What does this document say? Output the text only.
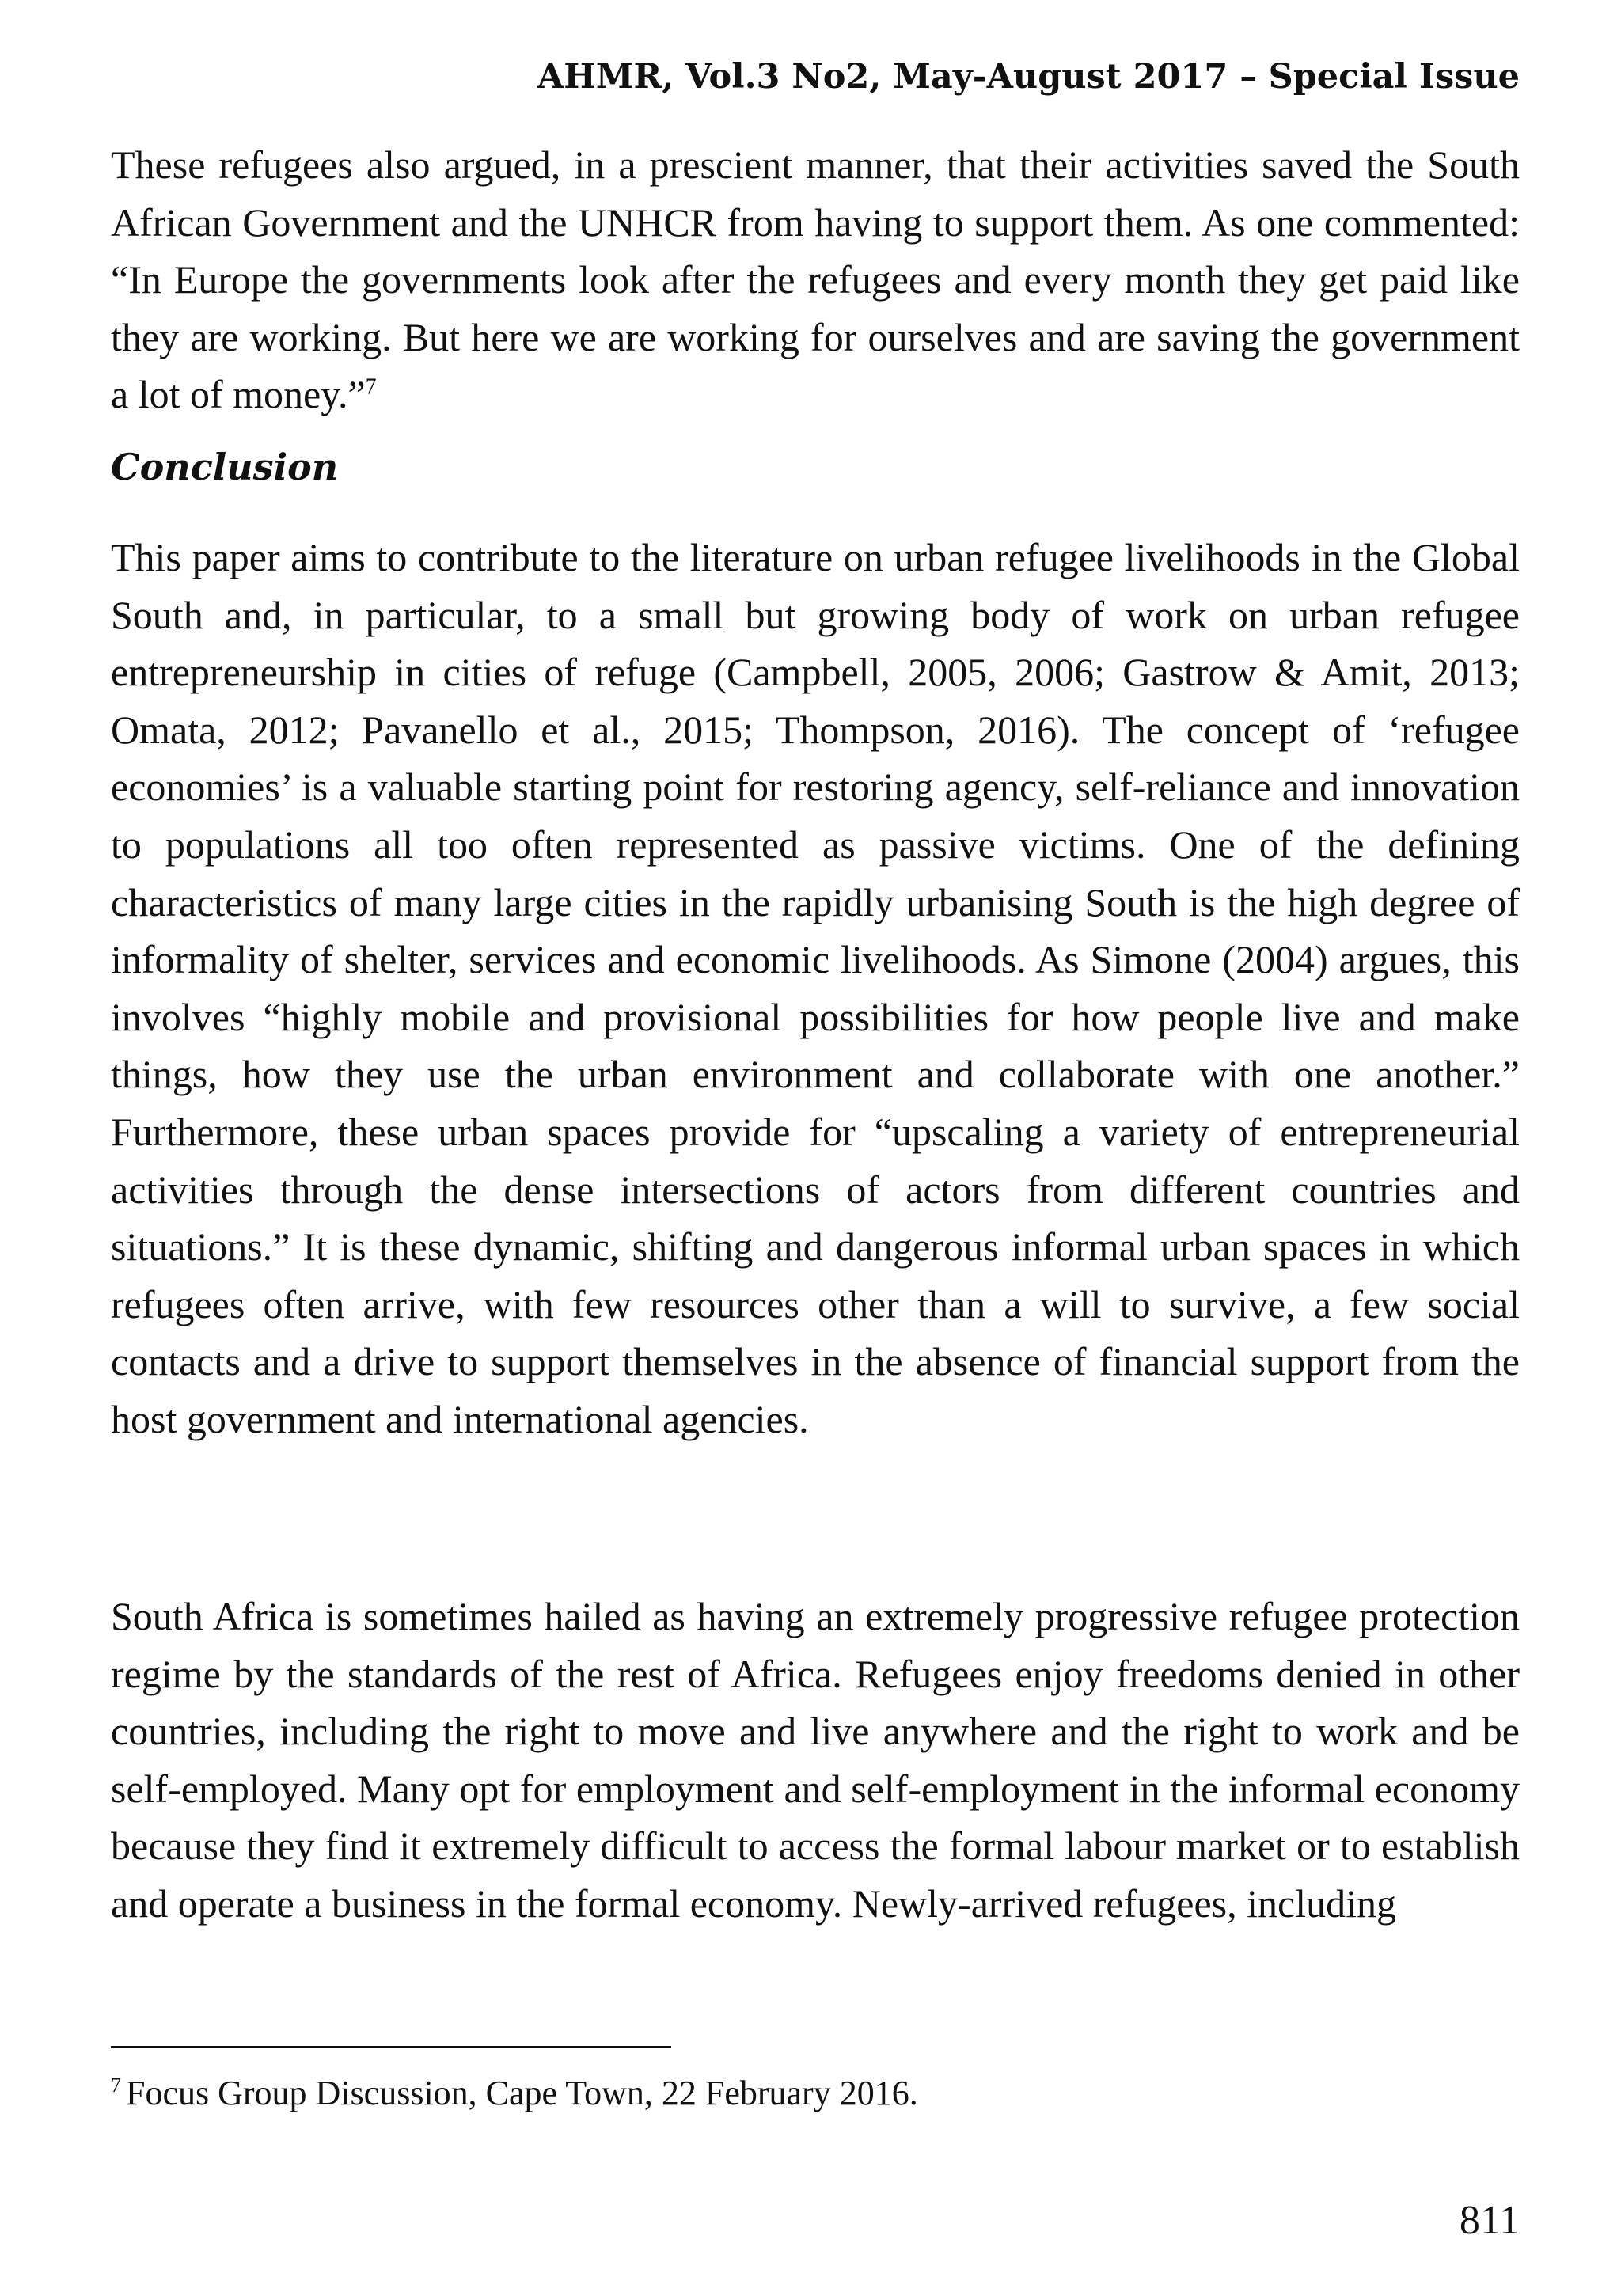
AHMR, Vol.3 No2, May-August 2017 – Special Issue

These refugees also argued, in a prescient manner, that their activities saved the South African Government and the UNHCR from having to support them. As one commented: “In Europe the governments look after the refugees and every month they get paid like they are working. But here we are working for ourselves and are saving the government a lot of money.”$^7$

Conclusion

This paper aims to contribute to the literature on urban refugee livelihoods in the Global South and, in particular, to a small but growing body of work on urban refugee entrepreneurship in cities of refuge (Campbell, 2005, 2006; Gastrow & Amit, 2013; Omata, 2012; Pavanello et al., 2015; Thompson, 2016). The concept of ‘refugee economies’ is a valuable starting point for restoring agency, self-reliance and innovation to populations all too often represented as passive victims. One of the defining characteristics of many large cities in the rapidly urbanising South is the high degree of informality of shelter, services and economic livelihoods. As Simone (2004) argues, this involves “highly mobile and provisional possibilities for how people live and make things, how they use the urban environment and collaborate with one another.” Furthermore, these urban spaces provide for “upscaling a variety of entrepreneurial activities through the dense intersections of actors from different countries and situations.” It is these dynamic, shifting and dangerous informal urban spaces in which refugees often arrive, with few resources other than a will to survive, a few social contacts and a drive to support themselves in the absence of financial support from the host government and international agencies.

South Africa is sometimes hailed as having an extremely progressive refugee protection regime by the standards of the rest of Africa. Refugees enjoy freedoms denied in other countries, including the right to move and live anywhere and the right to work and be self-employed. Many opt for employment and self-employment in the informal economy because they find it extremely difficult to access the formal labour market or to establish and operate a business in the formal economy. Newly-arrived refugees, including

$^7$ Focus Group Discussion, Cape Town, 22 February 2016.
811
